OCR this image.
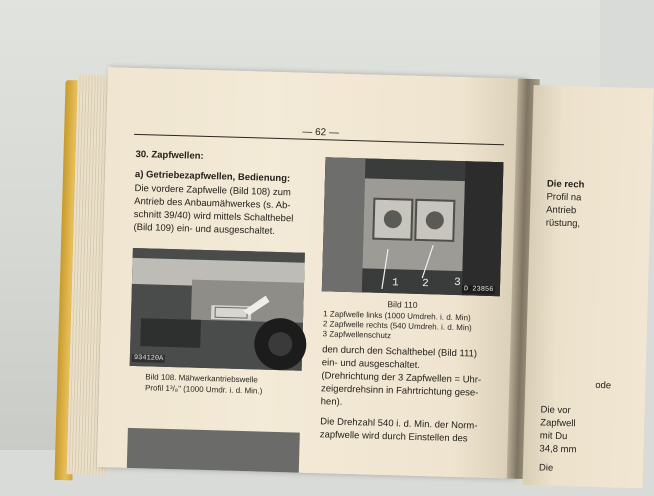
— 62 —
30. Zapfwellen:
a) Getriebezapfwellen, Bedienung:
Die vordere Zapfwelle (Bild 108) zum
Antrieb des Anbaumähwerkes (s. Ab-
schnitt 39/40) wird mittels Schalthebel
(Bild 109) ein- und ausgeschaltet.
934120A
Bild 108. Mähwerkantriebswelle
Profil 1³/₈" (1000 Umdr. i. d. Min.)
1 2 3
D 23856
Bild 110
1 Zapfwelle links (1000 Umdreh. i. d. Min)
2 Zapfwelle rechts (540 Umdreh. i. d. Min)
3 Zapfwellenschutz
den durch den Schalthebel (Bild 111)
ein- und ausgeschaltet.
(Drehrichtung der 3 Zapfwellen = Uhr-
zeigerdrehsinn in Fahrtrichtung gese-
hen).
Die Drehzahl 540 i. d. Min. der Norm-
zapfwelle wird durch Einstellen des
Die rech
Profil na
Antrieb
rüstung,
ode
Die vor
Zapfwell
mit Du
34,8 mm
Die
